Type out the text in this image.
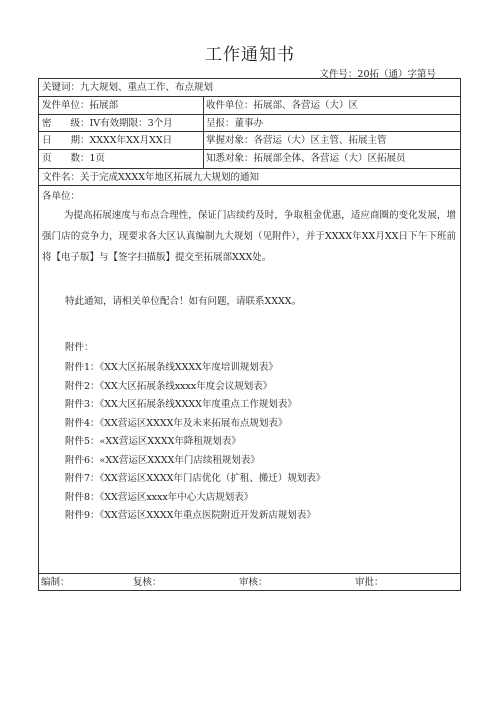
工作通知书
文件号：20拓（通）字第号
关键词：九大规划、重点工作、布点规划
发件单位：拓展部	收件单位：拓展部、各营运（大）区
密　　级：IV有效期限：3个月	呈报：董事办
日　　期：XXXX年XX月XX日	掌握对象：各营运（大）区主管、拓展主管
页　　数：1页	知悉对象：拓展部全体、各营运（大）区拓展员
文件名：关于完成XXXX年地区拓展九大规划的通知
各单位：
为提高拓展速度与布点合理性，保证门店续约及时，争取租金优惠，适应商圈的变化发展，增强门店的竞争力，现要求各大区认真编制九大规划（见附件），并于XXXX年XX月XX日下午下班前将【电子版】与【签字扫描版】提交至拓展部XXX处。
特此通知，请相关单位配合！如有问题，请联系XXXX。
附件：
附件1：《XX大区拓展条线XXXX年度培训规划表》
附件2：《XX大区拓展条线xxxx年度会议规划表》
附件3：《XX大区拓展条线XXXX年度重点工作规划表》
附件4：《XX营运区XXXX年及未来拓展布点规划表》
附件5：«XX营运区XXXX年降租规划表》
附件6：«XX营运区XXXX年门店续租规划表》
附件7：《XX营运区XXXX年门店优化（扩租、搬迁）规划表》
附件8：《XX营运区xxxx年中心大店规划表》
附件9：《XX营运区XXXX年重点医院附近开发新店规划表》
编制：	复核：	审核：	审批：
